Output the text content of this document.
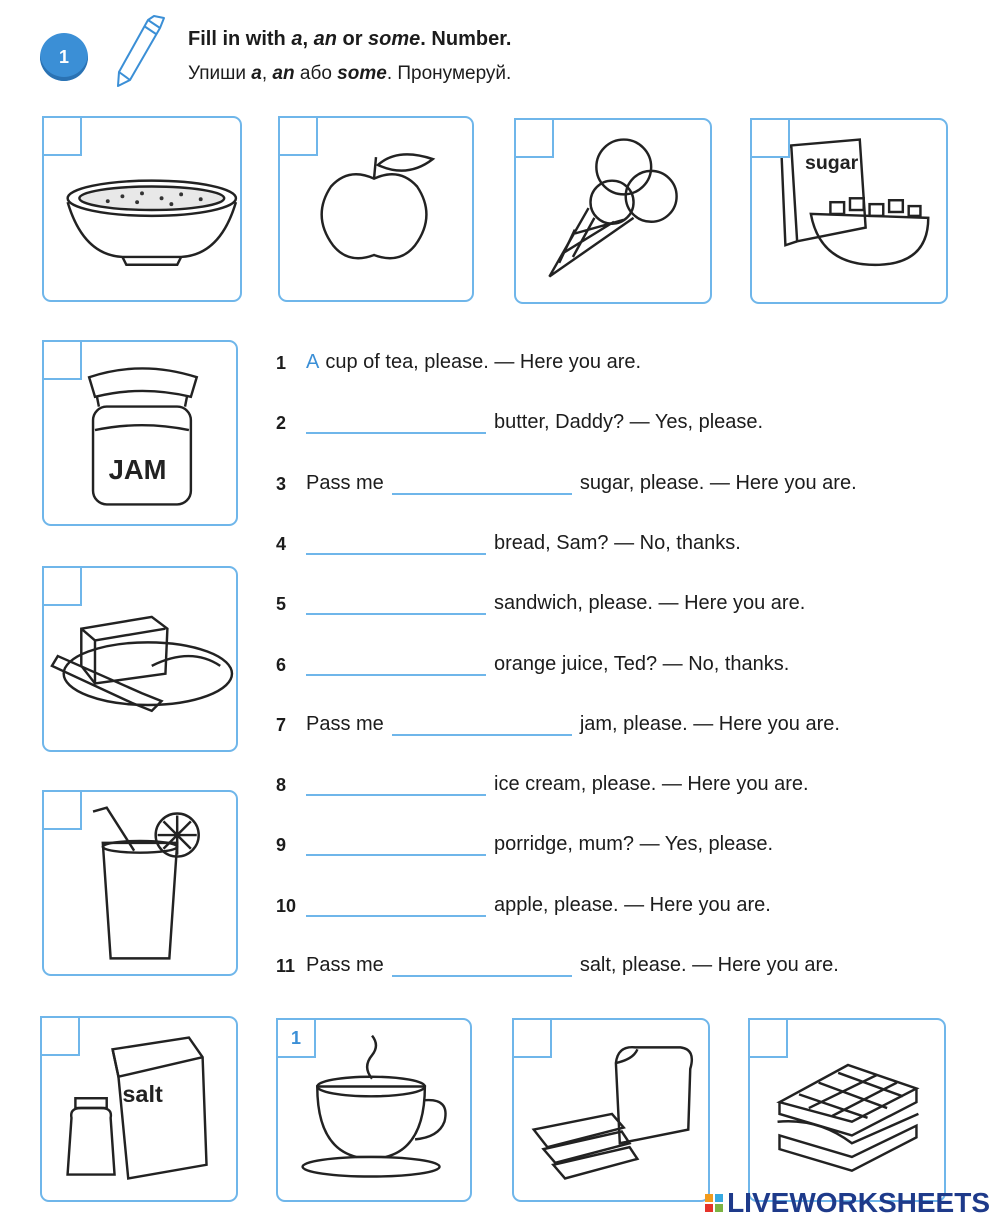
1
Fill in with a, an or some. Number.
Упиши a, an або some. Пронумеруй.
sugar
JAM
1 A cup of tea, please. — Here you are.
2	butter, Daddy? — Yes, please.
3 Pass me	sugar, please. — Here you are.
4	bread, Sam? — No, thanks.
5	sandwich, please. — Here you are.
6	orange juice, Ted? — No, thanks.
7 Pass me	jam, please. — Here you are.
8	ice cream, please. — Here you are.
9	porridge, mum? — Yes, please.
10	apple, please. — Here you are.
11 Pass me	salt, please. — Here you are.
salt
1
LIVEWORKSHEETS
